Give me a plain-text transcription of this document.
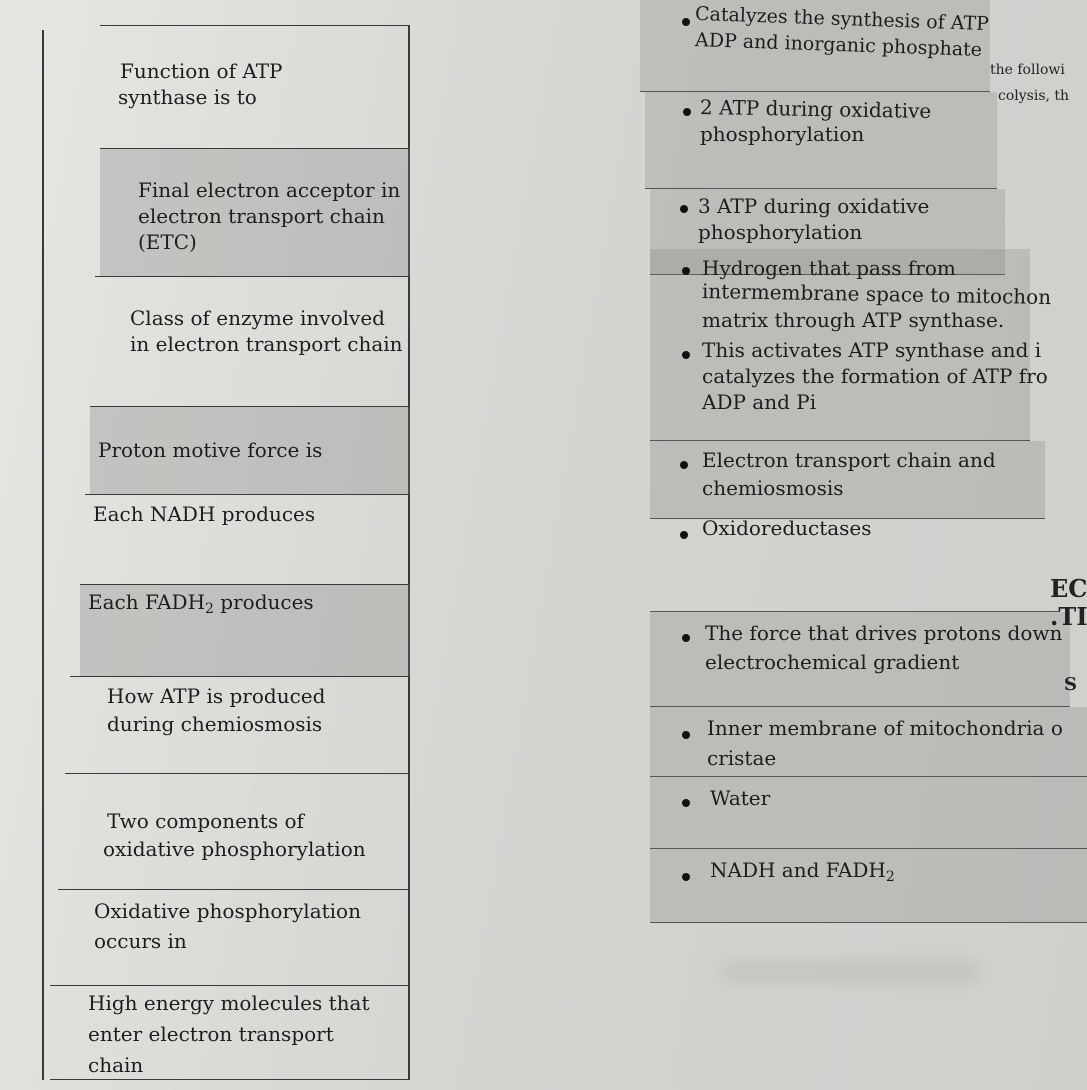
Function of ATP
synthase is to
Final electron acceptor in
electron transport chain
(ETC)
Class of enzyme involved
in electron transport chain
Proton motive force is
Each NADH produces
Each $FADH_2$ produces
How ATP is produced
during chemiosmosis
Two components of
oxidative phosphorylation
Oxidative phosphorylation
occurs in
High energy molecules that
enter electron transport
chain
Catalyzes the synthesis of ATP
ADP and inorganic phosphate
2 ATP during oxidative
phosphorylation
3 ATP during oxidative
phosphorylation
Hydrogen that pass from
intermembrane space to mitochon
matrix through ATP synthase.
This activates ATP synthase and i
catalyzes the formation of ATP fro
ADP and Pi
Electron transport chain and
chemiosmosis
Oxidoreductases
The force that drives protons down
electrochemical gradient
Inner membrane of mitochondria o
cristae
Water
NADH and $FADH_2$
the followi
colysis, th
EC
.TI
S
